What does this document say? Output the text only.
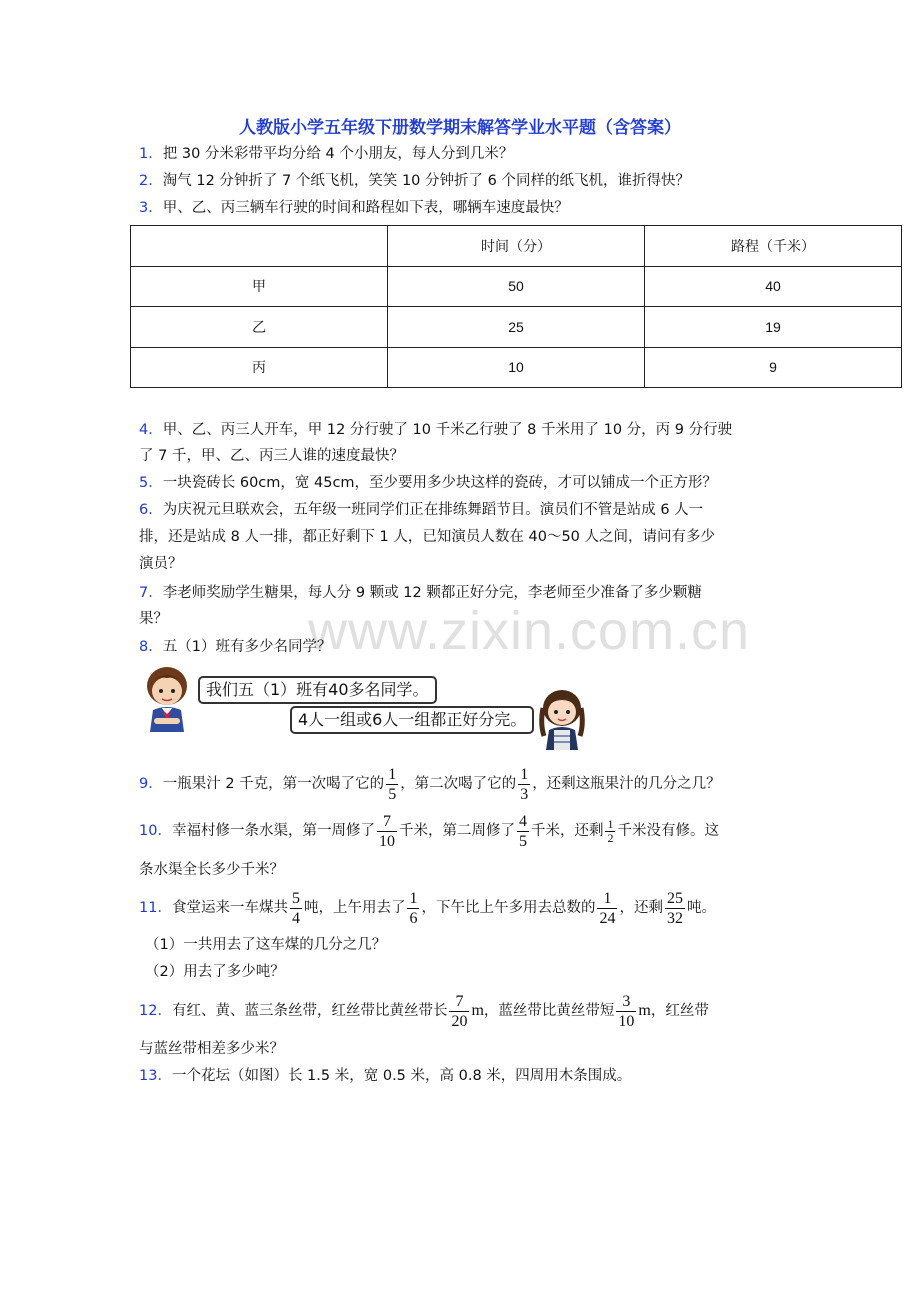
人教版小学五年级下册数学期末解答学业水平题（含答案）
www.zixin.com.cn
1．把 30 分米彩带平均分给 4 个小朋友，每人分到几米？
2．淘气 12 分钟折了 7 个纸飞机，笑笑 10 分钟折了 6 个同样的纸飞机，谁折得快？
3．甲、乙、丙三辆车行驶的时间和路程如下表，哪辆车速度最快？
	时间（分）	路程（千米）
甲	50	40
乙	25	19
丙	10	9
4．甲、乙、丙三人开车，甲 12 分行驶了 10 千米乙行驶了 8 千米用了 10 分，丙 9 分行驶
了 7 千，甲、乙、丙三人谁的速度最快？
5．一块瓷砖长 60cm，宽 45cm，至少要用多少块这样的瓷砖，才可以铺成一个正方形？
6．为庆祝元旦联欢会，五年级一班同学们正在排练舞蹈节目。演员们不管是站成 6 人一
排，还是站成 8 人一排，都正好剩下 1 人，已知演员人数在 40～50 人之间，请问有多少
演员？
7．李老师奖励学生糖果，每人分 9 颗或 12 颗都正好分完，李老师至少准备了多少颗糖
果？
8．五（1）班有多少名同学？
我们五（1）班有40多名同学。
4人一组或6人一组都正好分完。
9．一瓶果汁 2 千克，第一次喝了它的 $\frac{1}{5}$ ，第二次喝了它的 $\frac{1}{3}$ ，还剩这瓶果汁的几分之几？
10．幸福村修一条水渠，第一周修了 $\frac{7}{10}$ 千米，第二周修了 $\frac{4}{5}$ 千米，还剩 $\frac{1}{2}$ 千米没有修。这
条水渠全长多少千米？
11．食堂运来一车煤共 $\frac{5}{4}$ 吨，上午用去了 $\frac{1}{6}$ ，下午比上午多用去总数的 $\frac{1}{24}$ ，还剩 $\frac{25}{32}$ 吨。
（1）一共用去了这车煤的几分之几？
（2）用去了多少吨？
12．有红、黄、蓝三条丝带，红丝带比黄丝带长 $\frac{7}{20}$ m，蓝丝带比黄丝带短 $\frac{3}{10}$ m，红丝带
与蓝丝带相差多少米？
13．一个花坛（如图）长 1.5 米，宽 0.5 米，高 0.8 米，四周用木条围成。
